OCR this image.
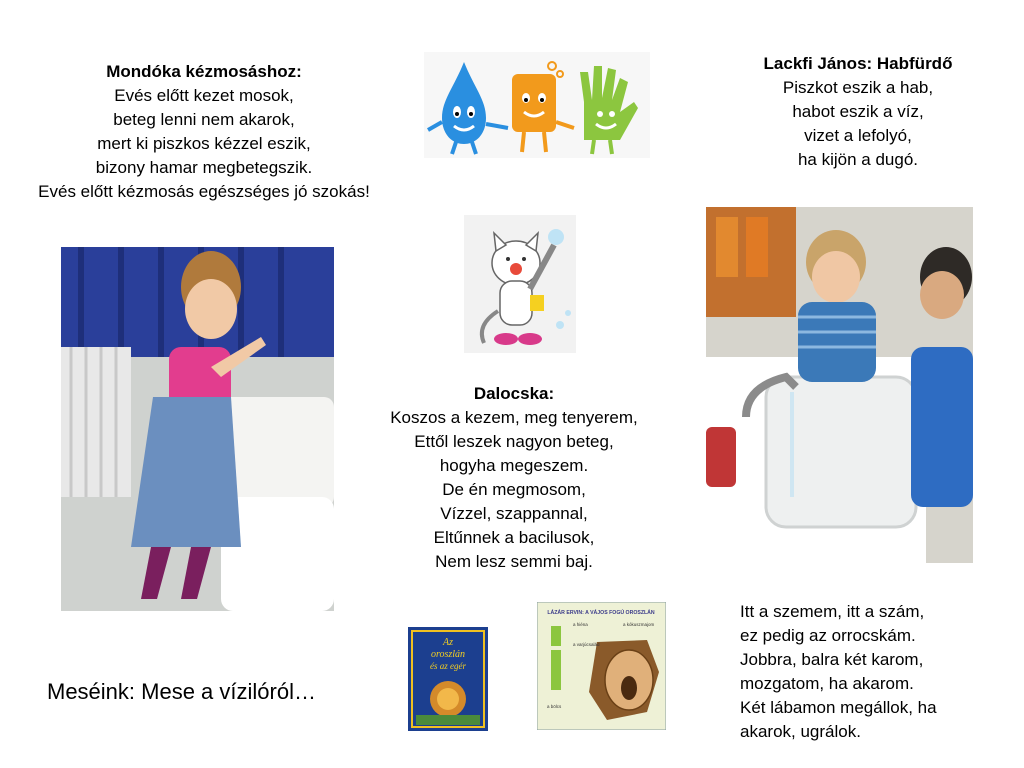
Mondóka kézmosáshoz:
Evés előtt kezet mosok,
beteg lenni nem akarok,
mert ki piszkos kézzel eszik,
bizony hamar megbetegszik.
Evés előtt kézmosás egészséges jó szokás!
Lackfi János: Habfürdő
Piszkot eszik a hab,
habot eszik a víz,
vizet a lefolyó,
ha kijön a dugó.
Dalocska:
Koszos a kezem, meg tenyerem,
Ettől leszek nagyon beteg,
hogyha megeszem.
De én megmosom,
Vízzel, szappannal,
Eltűnnek a bacilusok,
Nem lesz semmi baj.
Meséink: Mese a vízilóról…
Az
oroszlán
és az egér
LÁZÁR ERVIN: A VÁJOS FOGÚ OROSZLÁN
a hiéna
a varjúcsalád
a kókuszmajom
a bölcs
Itt a szemem, itt a szám,
ez pedig az orrocskám.
Jobbra, balra két karom,
mozgatom, ha akarom.
Két lábamon megállok, ha
akarok, ugrálok.
